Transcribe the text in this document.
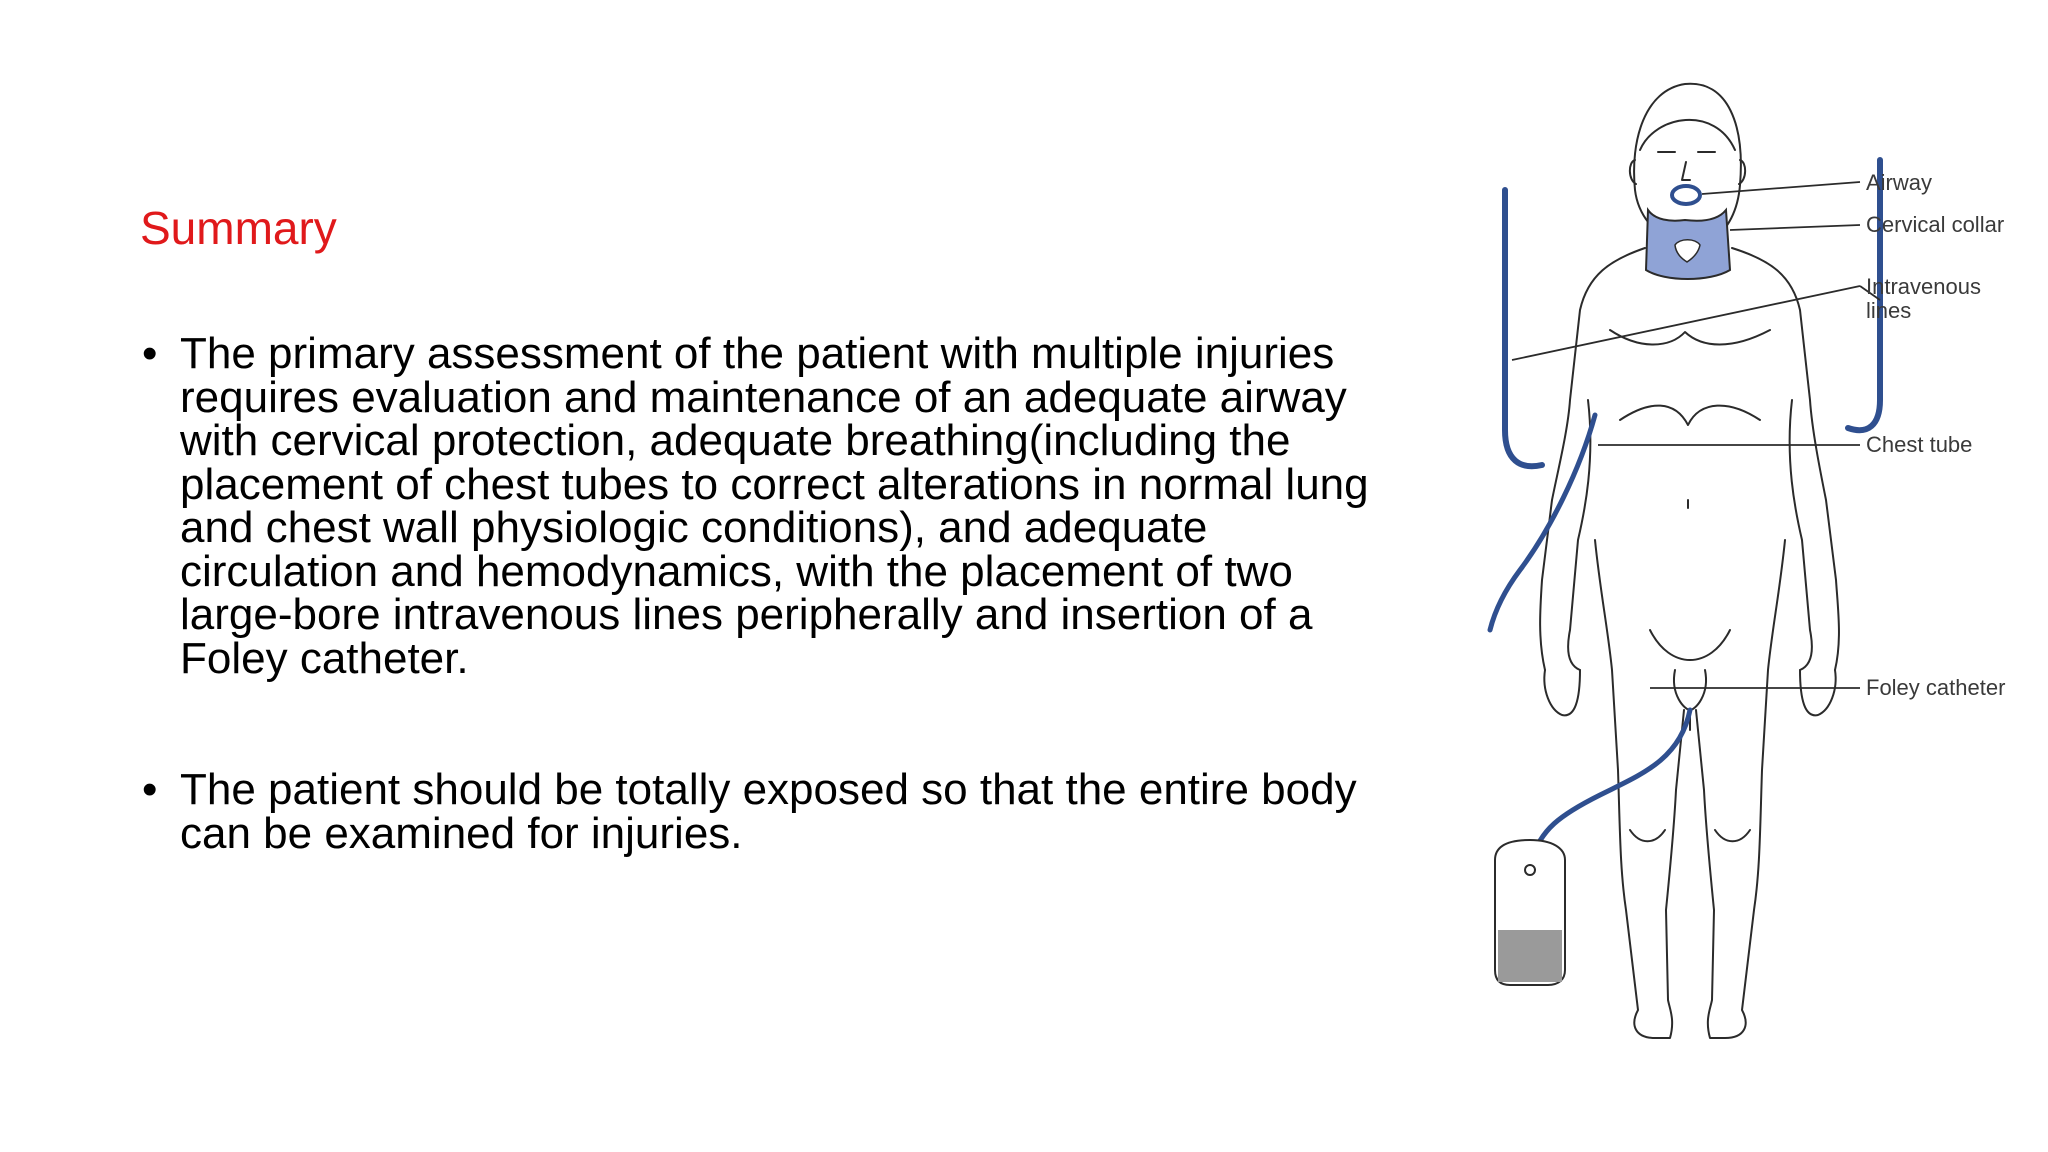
Summary
• The primary assessment of the patient with multiple injuries requires evaluation and maintenance of an adequate airway with cervical protection, adequate breathing(including the placement of chest tubes to correct alterations in normal lung and chest wall physiologic conditions), and adequate circulation and hemodynamics, with the placement of two large-bore intravenous lines peripherally and insertion of a Foley catheter.
• The patient should be totally exposed so that the entire body can be examined for injuries.
Airway
Cervical collar
Intravenous
lines
Chest tube
Foley catheter
